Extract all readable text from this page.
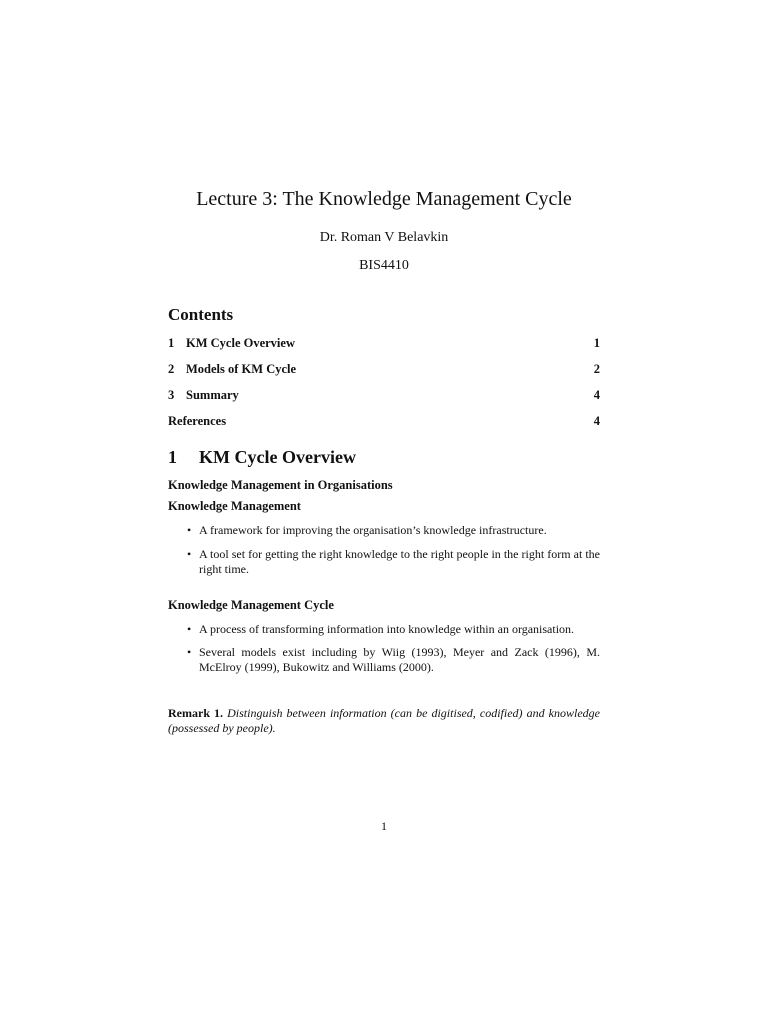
Lecture 3: The Knowledge Management Cycle
Dr. Roman V Belavkin
BIS4410
Contents
1 KM Cycle Overview	1
2 Models of KM Cycle	2
3 Summary	4
References	4
1	KM Cycle Overview
Knowledge Management in Organisations
Knowledge Management
• A framework for improving the organisation’s knowledge infrastructure.
• A tool set for getting the right knowledge to the right people in the right form at the right time.
Knowledge Management Cycle
• A process of transforming information into knowledge within an organisation.
• Several models exist including by Wiig (1993), Meyer and Zack (1996), M. McElroy (1999), Bukowitz and Williams (2000).
Remark 1. Distinguish between information (can be digitised, codified) and knowledge (possessed by people).
1
